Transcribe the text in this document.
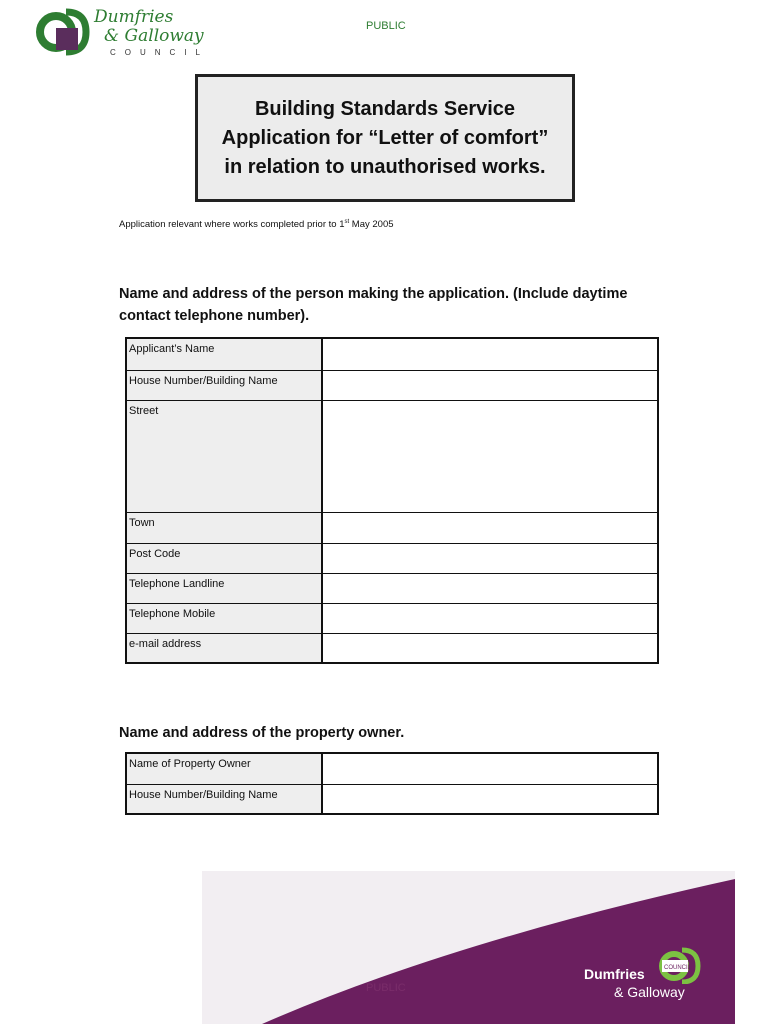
Dumfries
& Galloway
COUNCIL
PUBLIC
Building Standards Service
Application for “Letter of comfort”
in relation to unauthorised works.
Application relevant where works completed prior to 1st May 2005
Name and address of the person making the application. (Include daytime contact telephone number).
Applicant’s Name	
House Number/Building Name	
Street	
Town	
Post Code	
Telephone Landline	
Telephone Mobile	
e-mail address	
Name and address of the property owner.
Name of Property Owner	
House Number/Building Name	
PUBLIC
COUNCIL
Dumfries
& Galloway
